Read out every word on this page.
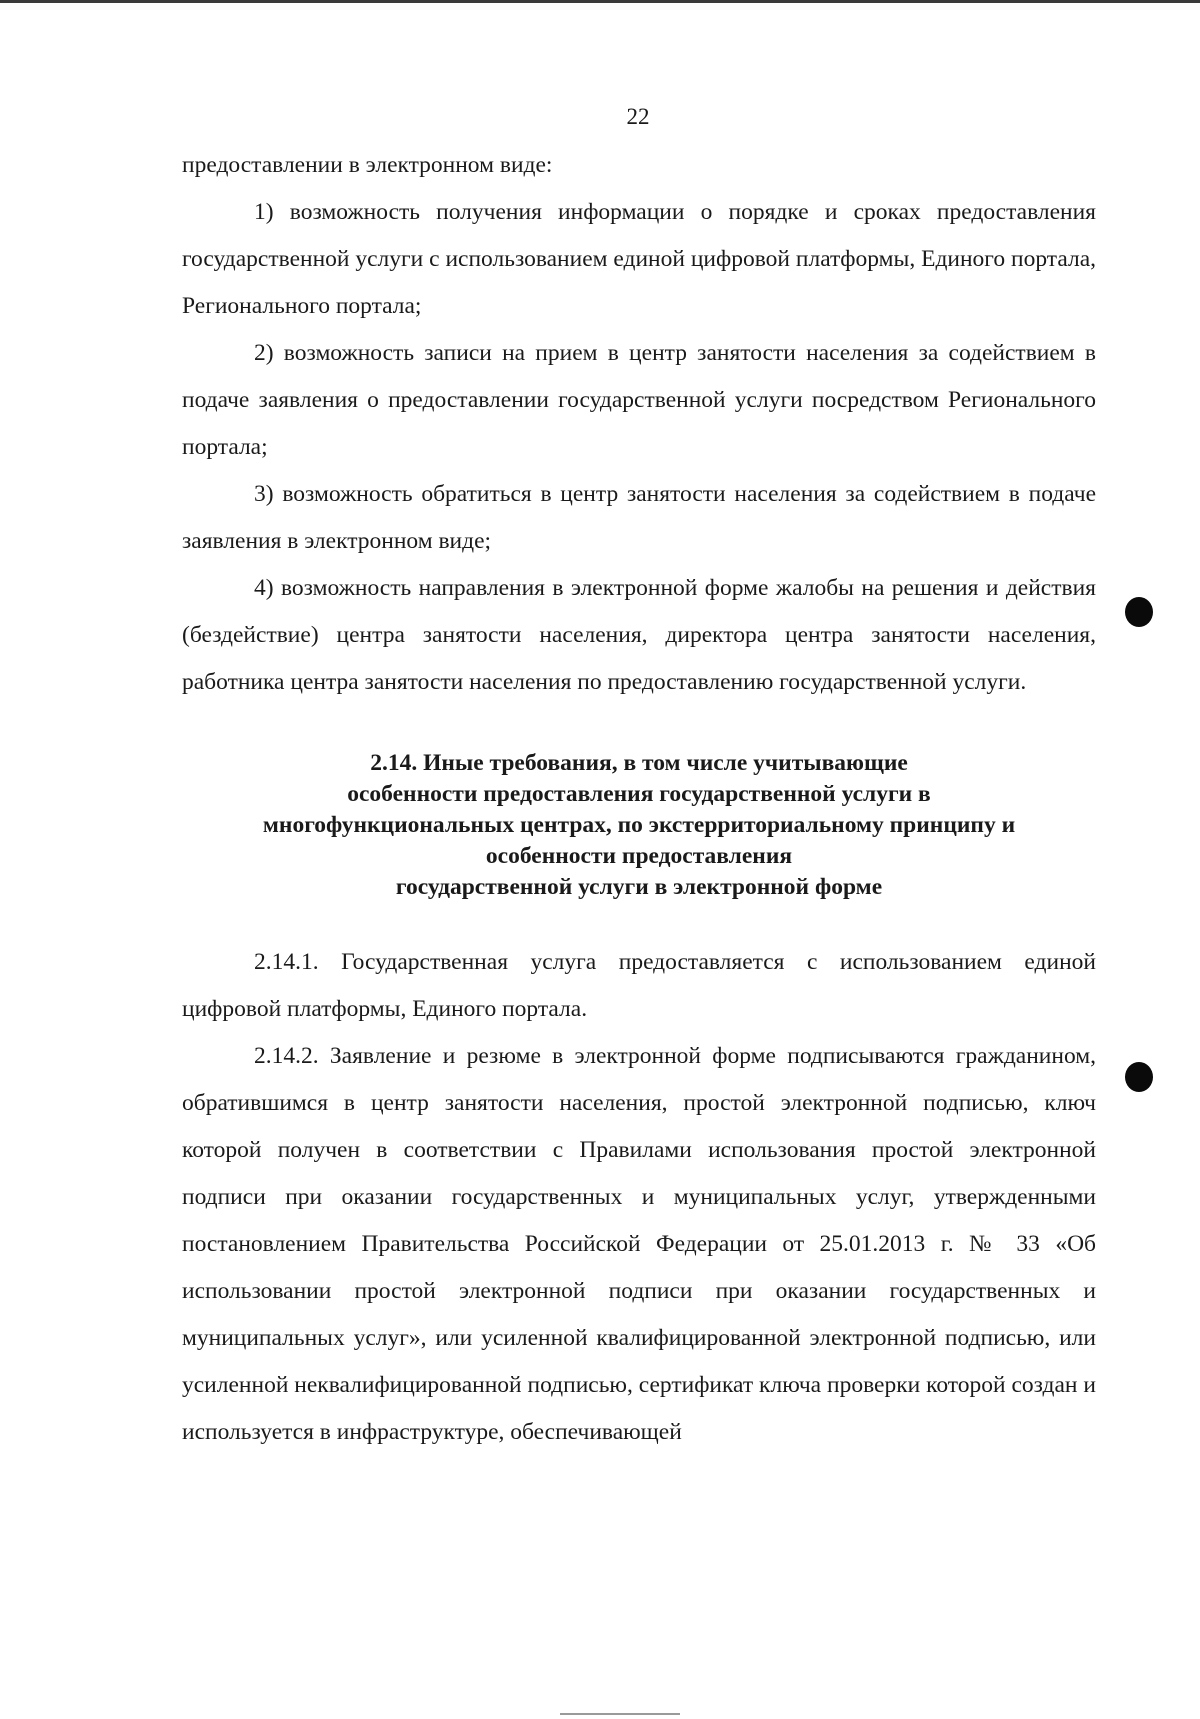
22

предоставлении в электронном виде:

1) возможность получения информации о порядке и сроках предоставления государственной услуги с использованием единой цифровой платформы, Единого портала, Регионального портала;

2) возможность записи на прием в центр занятости населения за содействием в подаче заявления о предоставлении государственной услуги посредством Регионального портала;

3) возможность обратиться в центр занятости населения за содействием в подаче заявления в электронном виде;

4) возможность направления в электронной форме жалобы на решения и действия (бездействие) центра занятости населения, директора центра занятости населения, работника центра занятости населения по предоставлению государственной услуги.

2.14. Иные требования, в том числе учитывающие
особенности предоставления государственной услуги в
многофункциональных центрах, по экстерриториальному принципу и
особенности предоставления
государственной услуги в электронной форме

2.14.1. Государственная услуга предоставляется с использованием единой цифровой платформы, Единого портала.

2.14.2. Заявление и резюме в электронной форме подписываются гражданином, обратившимся в центр занятости населения, простой электронной подписью, ключ которой получен в соответствии с Правилами использования простой электронной подписи при оказании государственных и муниципальных услуг, утвержденными постановлением Правительства Российской Федерации от 25.01.2013 г. № 33 «Об использовании простой электронной подписи при оказании государственных и муниципальных услуг», или усиленной квалифицированной электронной подписью, или усиленной неквалифицированной подписью, сертификат ключа проверки которой создан и используется в инфраструктуре, обеспечивающей
